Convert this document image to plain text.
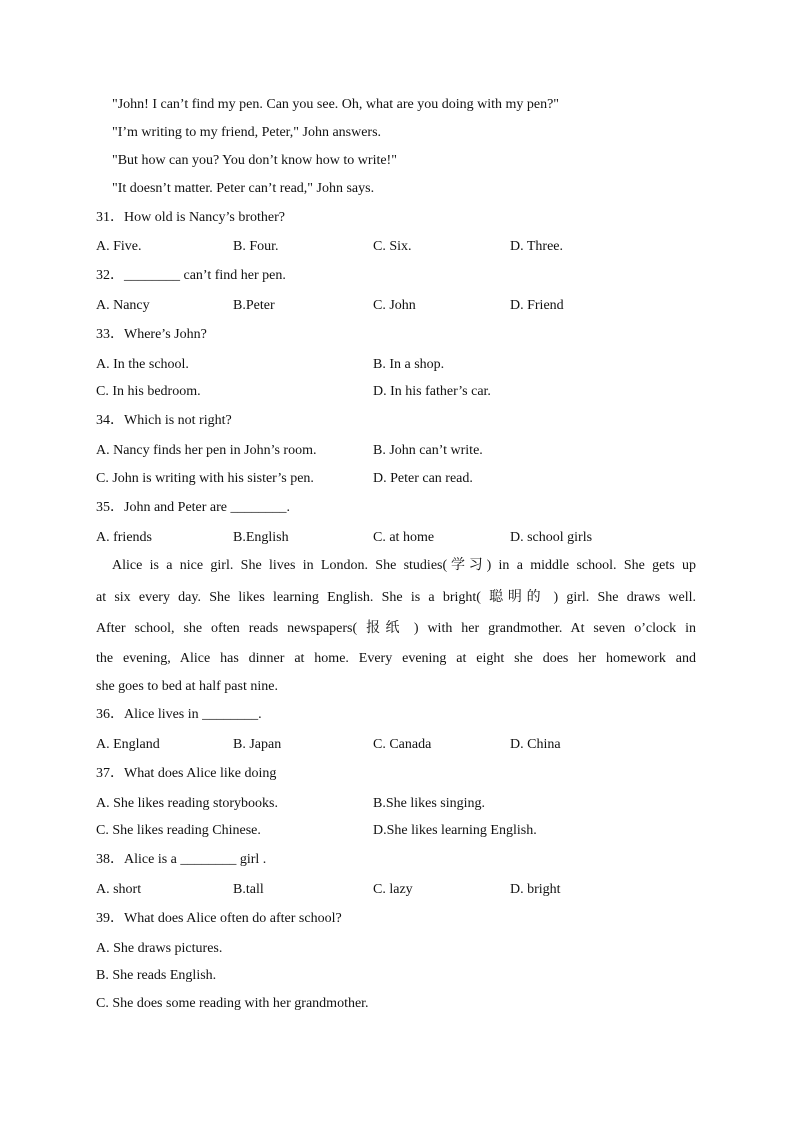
"John! I can’t find my pen. Can you see. Oh, what are you doing with my pen?"
"I’m writing to my friend, Peter," John answers.
"But how can you? You don’t know how to write!"
"It doesn’t matter. Peter can’t read," John says.
31．How old is Nancy’s brother?
A. Five.	B. Four.	C. Six.	D. Three.
32．________ can’t find her pen.
A. Nancy	B.Peter	C. John	D. Friend
33．Where’s John?
A. In the school.	B. In a shop.
C. In his bedroom.	D. In his father’s car.
34．Which is not right?
A. Nancy finds her pen in John’s room.	B. John can’t write.
C. John is writing with his sister’s pen.	D. Peter can read.
35．John and Peter are ________.
A. friends	B.English	C. at home	D. school girls
Alice is a nice girl. She lives in London. She studies(学习) in a middle school. She gets up
at six every day. She likes learning English. She is a bright( 聪明的 ) girl. She draws well.
After school, she often reads newspapers( 报纸 ) with her grandmother. At seven o’clock in
the evening, Alice has dinner at home. Every evening at eight she does her homework and
she goes to bed at half past nine.
36．Alice lives in ________.
A. England	B. Japan	C. Canada	D. China
37．What does Alice like doing
A. She likes reading storybooks.	B.She likes singing.
C. She likes reading Chinese.	D.She likes learning English.
38．Alice is a ________ girl .
A. short	B.tall	C. lazy	D. bright
39．What does Alice often do after school?
A. She draws pictures.
B. She reads English.
C. She does some reading with her grandmother.
